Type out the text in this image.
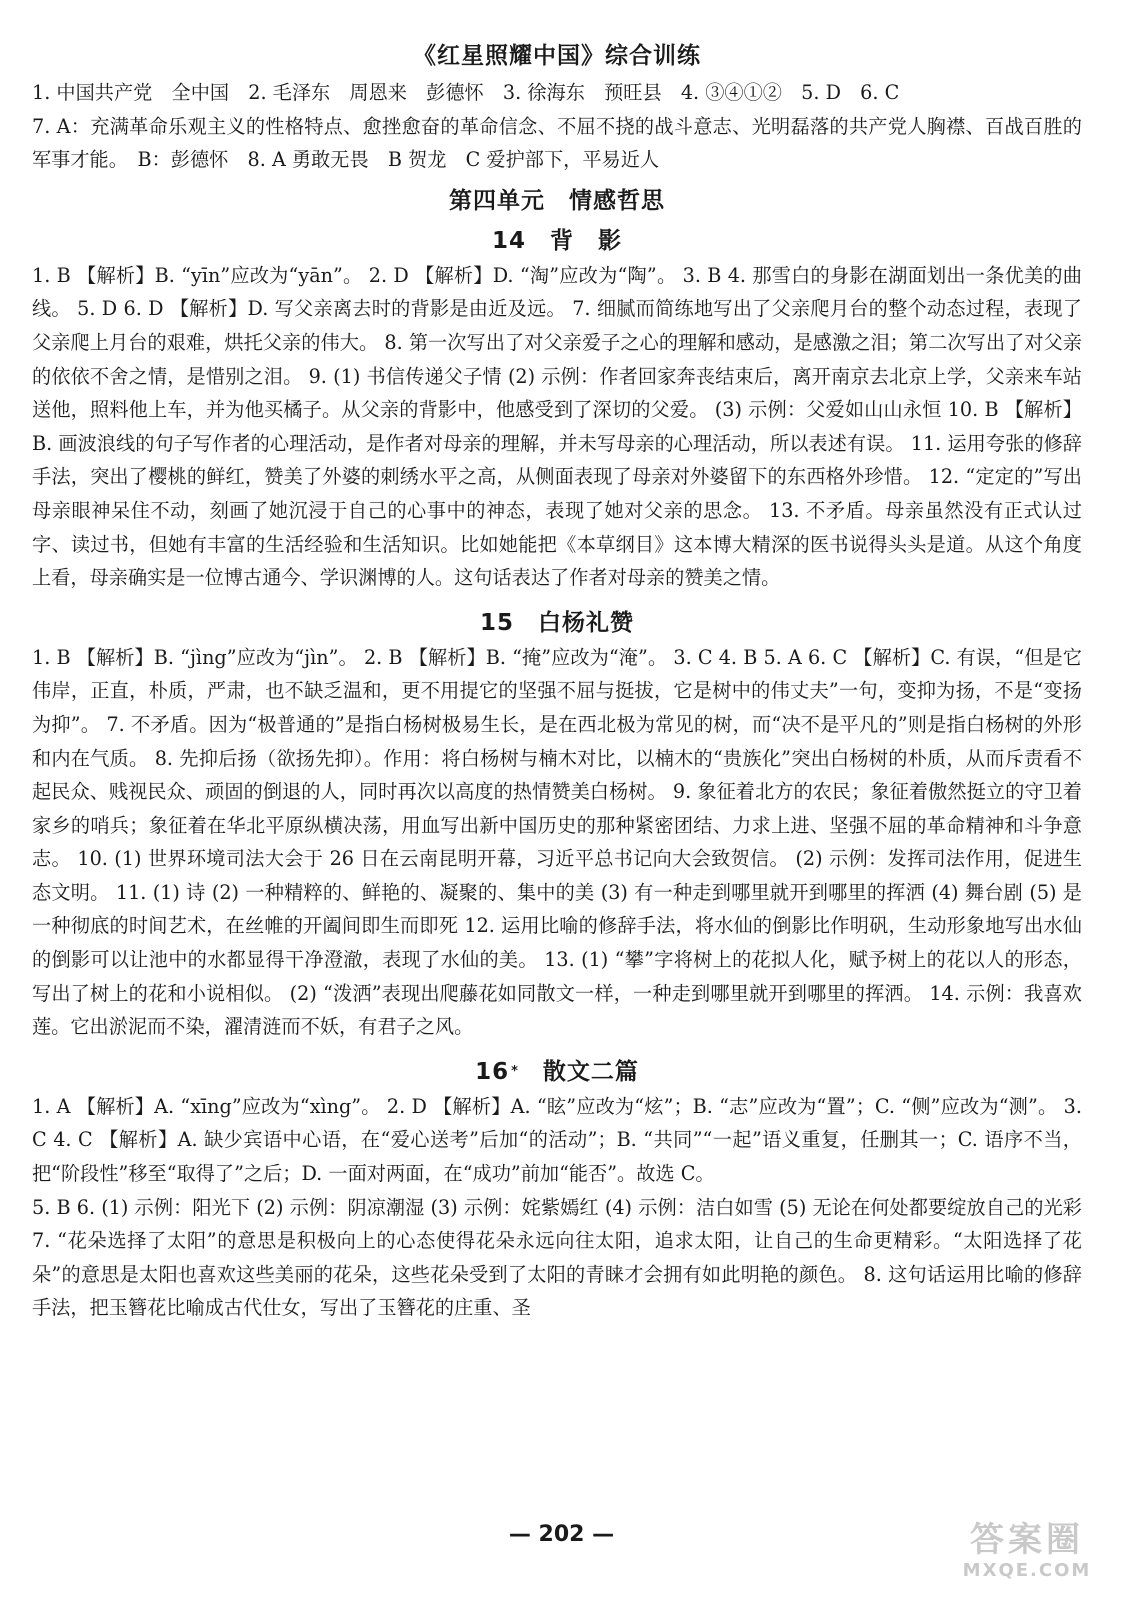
《红星照耀中国》综合训练

1. 中国共产党　全中国　2. 毛泽东　周恩来　彭德怀　3. 徐海东　预旺县　4. ③④①②　5. D　6. C

7. A：充满革命乐观主义的性格特点、愈挫愈奋的革命信念、不屈不挠的战斗意志、光明磊落的共产党人胸襟、百战百胜的军事才能。　B：彭德怀　8. A 勇敢无畏　B 贺龙　C 爱护部下，平易近人

第四单元　情感哲思
14　背　影

1. B 【解析】B. “yīn”应改为“yān”。 2. D 【解析】D. “淘”应改为“陶”。 3. B 4. 那雪白的身影在湖面划出一条优美的曲线。 5. D 6. D 【解析】D. 写父亲离去时的背影是由近及远。 7. 细腻而简练地写出了父亲爬月台的整个动态过程，表现了父亲爬上月台的艰难，烘托父亲的伟大。 8. 第一次写出了对父亲爱子之心的理解和感动，是感激之泪；第二次写出了对父亲的依依不舍之情，是惜别之泪。 9. (1) 书信传递父子情 (2) 示例：作者回家奔丧结束后，离开南京去北京上学，父亲来车站送他，照料他上车，并为他买橘子。从父亲的背影中，他感受到了深切的父爱。 (3) 示例：父爱如山山永恒 10. B 【解析】B. 画波浪线的句子写作者的心理活动，是作者对母亲的理解，并未写母亲的心理活动，所以表述有误。 11. 运用夸张的修辞手法，突出了樱桃的鲜红，赞美了外婆的刺绣水平之高，从侧面表现了母亲对外婆留下的东西格外珍惜。 12. “定定的”写出母亲眼神呆住不动，刻画了她沉浸于自己的心事中的神态，表现了她对父亲的思念。 13. 不矛盾。母亲虽然没有正式认过字、读过书，但她有丰富的生活经验和生活知识。比如她能把《本草纲目》这本博大精深的医书说得头头是道。从这个角度上看，母亲确实是一位博古通今、学识渊博的人。这句话表达了作者对母亲的赞美之情。

15　白杨礼赞

1. B 【解析】B. “jìng”应改为“jìn”。 2. B 【解析】B. “掩”应改为“淹”。 3. C 4. B 5. A 6. C 【解析】C. 有误，“但是它伟岸，正直，朴质，严肃，也不缺乏温和，更不用提它的坚强不屈与挺拔，它是树中的伟丈夫”一句，变抑为扬，不是“变扬为抑”。 7. 不矛盾。因为“极普通的”是指白杨树极易生长，是在西北极为常见的树，而“决不是平凡的”则是指白杨树的外形和内在气质。 8. 先抑后扬（欲扬先抑）。作用：将白杨树与楠木对比，以楠木的“贵族化”突出白杨树的朴质，从而斥责看不起民众、贱视民众、顽固的倒退的人，同时再次以高度的热情赞美白杨树。 9. 象征着北方的农民；象征着傲然挺立的守卫着家乡的哨兵；象征着在华北平原纵横决荡，用血写出新中国历史的那种紧密团结、力求上进、坚强不屈的革命精神和斗争意志。 10. (1) 世界环境司法大会于 26 日在云南昆明开幕，习近平总书记向大会致贺信。 (2) 示例：发挥司法作用，促进生态文明。 11. (1) 诗 (2) 一种精粹的、鲜艳的、凝聚的、集中的美 (3) 有一种走到哪里就开到哪里的挥洒 (4) 舞台剧 (5) 是一种彻底的时间艺术，在丝帷的开阖间即生而即死 12. 运用比喻的修辞手法，将水仙的倒影比作明矾，生动形象地写出水仙的倒影可以让池中的水都显得干净澄澈，表现了水仙的美。 13. (1) “攀”字将树上的花拟人化，赋予树上的花以人的形态，写出了树上的花和小说相似。 (2) “泼洒”表现出爬藤花如同散文一样，一种走到哪里就开到哪里的挥洒。 14. 示例：我喜欢莲。它出淤泥而不染，濯清涟而不妖，有君子之风。

16 *　散文二篇

1. A 【解析】A. “xīng”应改为“xìng”。 2. D 【解析】A. “眩”应改为“炫”；B. “志”应改为“置”；C. “侧”应改为“测”。 3. C 4. C 【解析】A. 缺少宾语中心语，在“爱心送考”后加“的活动”；B. “共同”“一起”语义重复，任删其一；C. 语序不当，把“阶段性”移至“取得了”之后；D. 一面对两面，在“成功”前加“能否”。故选 C。

5. B 6. (1) 示例：阳光下 (2) 示例：阴凉潮湿 (3) 示例：姹紫嫣红 (4) 示例：洁白如雪 (5) 无论在何处都要绽放自己的光彩 7. “花朵选择了太阳”的意思是积极向上的心态使得花朵永远向往太阳，追求太阳，让自己的生命更精彩。“太阳选择了花朵”的意思是太阳也喜欢这些美丽的花朵，这些花朵受到了太阳的青睐才会拥有如此明艳的颜色。 8. 这句话运用比喻的修辞手法，把玉簪花比喻成古代仕女，写出了玉簪花的庄重、圣

— 202 —	答案圈
MXQE.COM
